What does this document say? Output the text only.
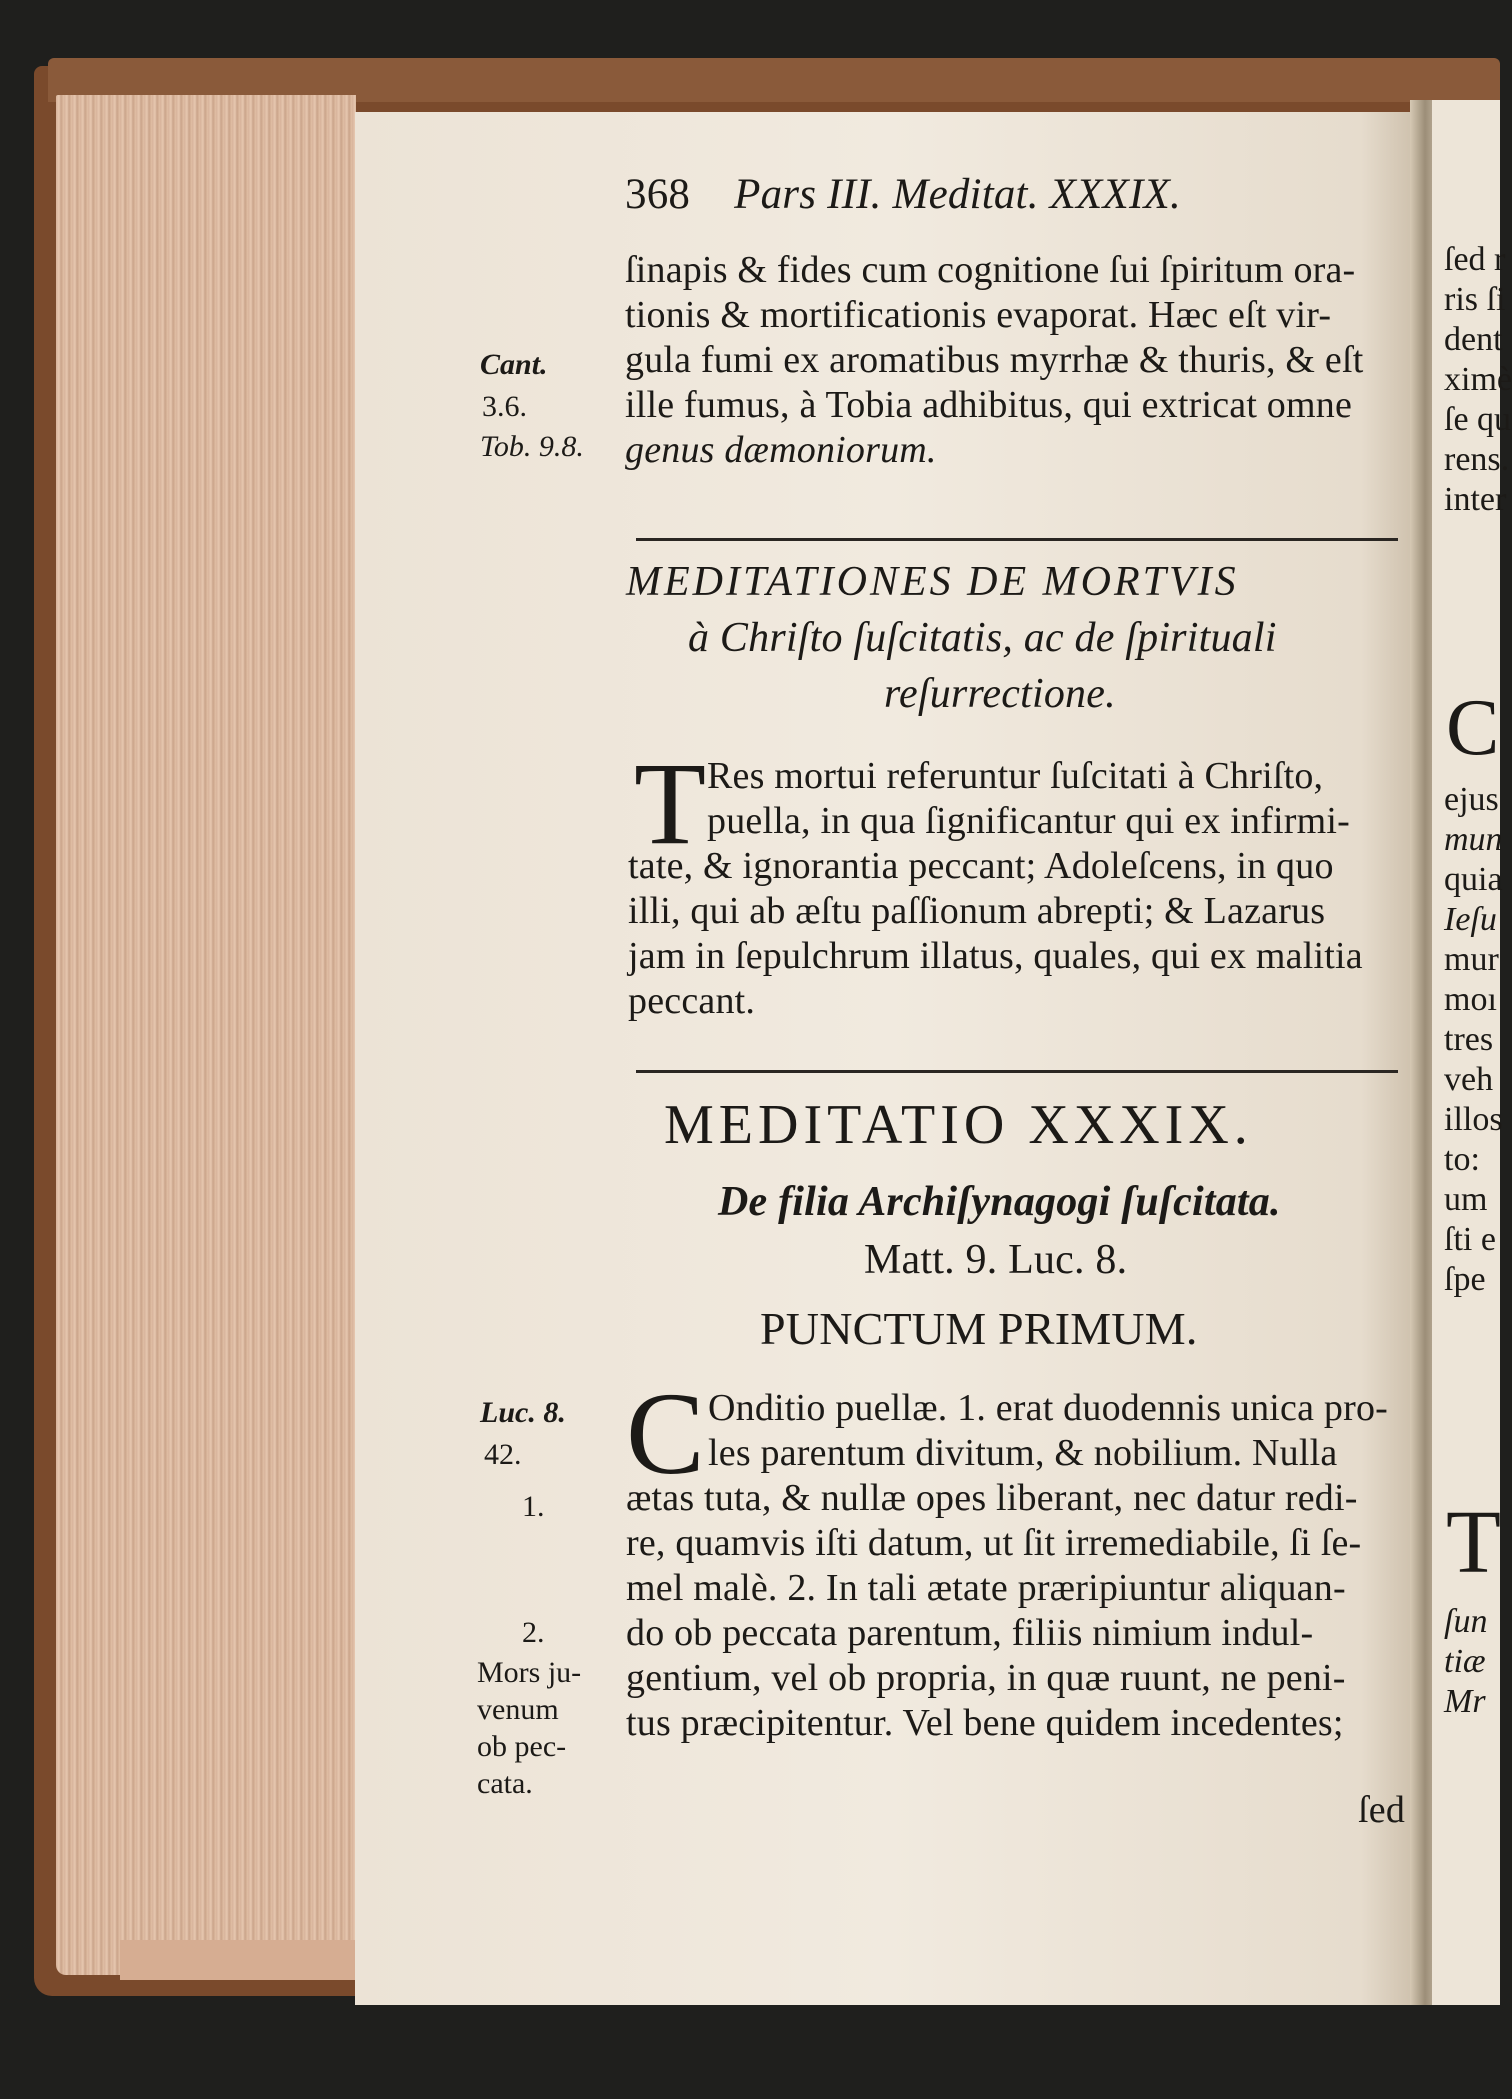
368 Pars III. Meditat. XXXIX.
ſinapis & fides cum cognitione ſui ſpiritum ora-
tionis & mortificationis evaporat. Hæc eſt vir-
gula fumi ex aromatibus myrrhæ & thuris, & eſt
ille fumus, à Tobia adhibitus, qui extricat omne
genus dæmoniorum.
Cant.
3.6.
Tob. 9.8.
MEDITATIONES DE MORTVIS
à Chriſto ſuſcitatis, ac de ſpirituali
reſurrectione.
T Res mortui referuntur ſuſcitati à Chriſto,
puella, in qua ſignificantur qui ex infirmi-
tate, & ignorantia peccant; Adoleſcens, in quo
illi, qui ab æſtu paſſionum abrepti; & Lazarus
jam in ſepulchrum illatus, quales, qui ex malitia
peccant.
MEDITATIO XXXIX.
De filia Archiſynagogi ſuſcitata.
Matt. 9. Luc. 8.
PUNCTUM PRIMUM.
C Onditio puellæ. 1. erat duodennis unica pro-
les parentum divitum, & nobilium. Nulla
ætas tuta, & nullæ opes liberant, nec datur redi-
re, quamvis iſti datum, ut ſit irremediabile, ſi ſe-
mel malè. 2. In tali ætate præripiuntur aliquan-
do ob peccata parentum, filiis nimium indul-
gentium, vel ob propria, in quæ ruunt, ne peni-
tus præcipitentur. Vel bene quidem incedentes;
ſed
Luc. 8.
42.
1.
2.
Mors ju-
venum
ob pec-
cata.
ſed r
ris ſi
dent
ximè
ſe qu
rens.
inter
C
ejus
mun
quia
Ieſu
mur
moı
tres
veh
illos
to:
um
ſti e
ſpe
T
ſun
tiæ
Mr
